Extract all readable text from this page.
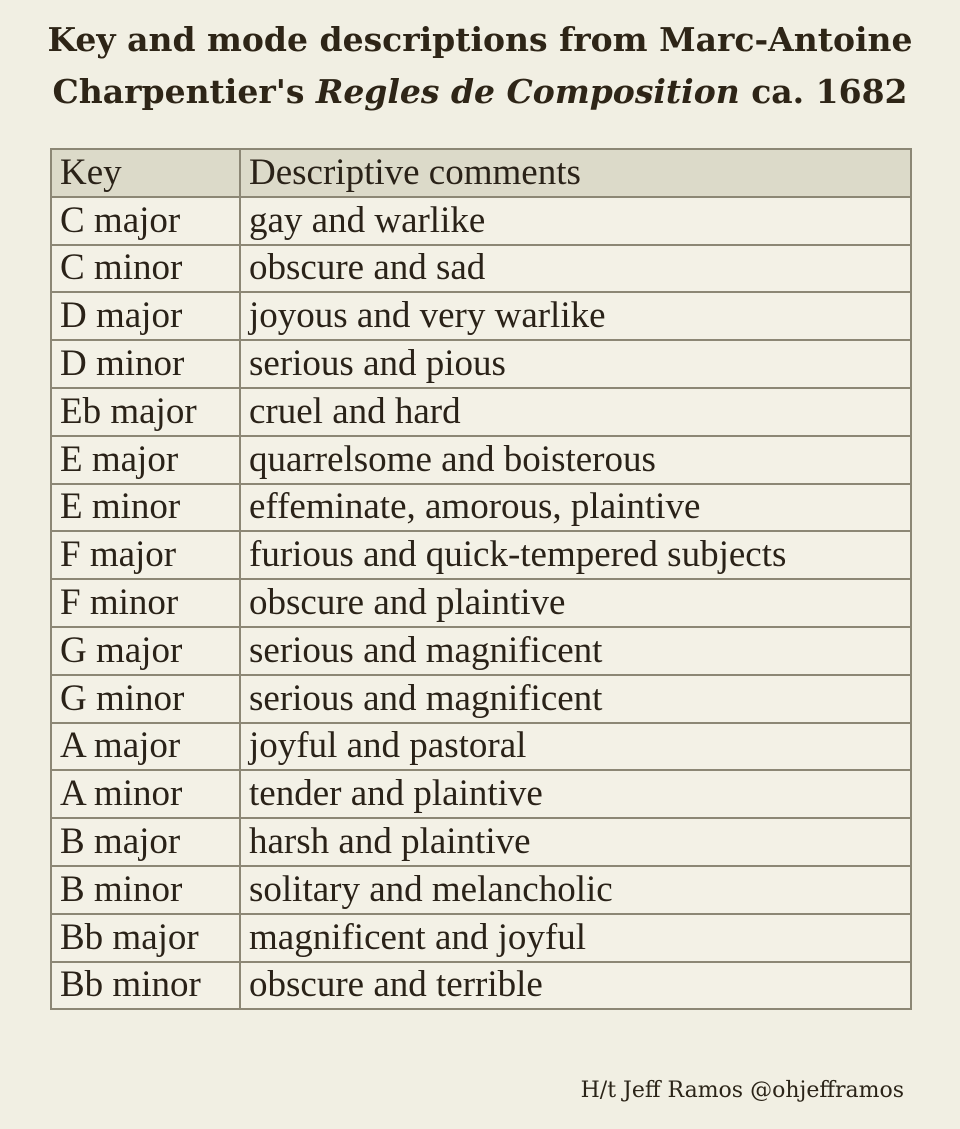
Key and mode descriptions from Marc-Antoine
Charpentier's Regles de Composition ca. 1682
Key	Descriptive comments
C major	gay and warlike
C minor	obscure and sad
D major	joyous and very warlike
D minor	serious and pious
Eb major	cruel and hard
E major	quarrelsome and boisterous
E minor	effeminate, amorous, plaintive
F major	furious and quick-tempered subjects
F minor	obscure and plaintive
G major	serious and magnificent
G minor	serious and magnificent
A major	joyful and pastoral
A minor	tender and plaintive
B major	harsh and plaintive
B minor	solitary and melancholic
Bb major	magnificent and joyful
Bb minor	obscure and terrible
H/t Jeff Ramos @ohjefframos
